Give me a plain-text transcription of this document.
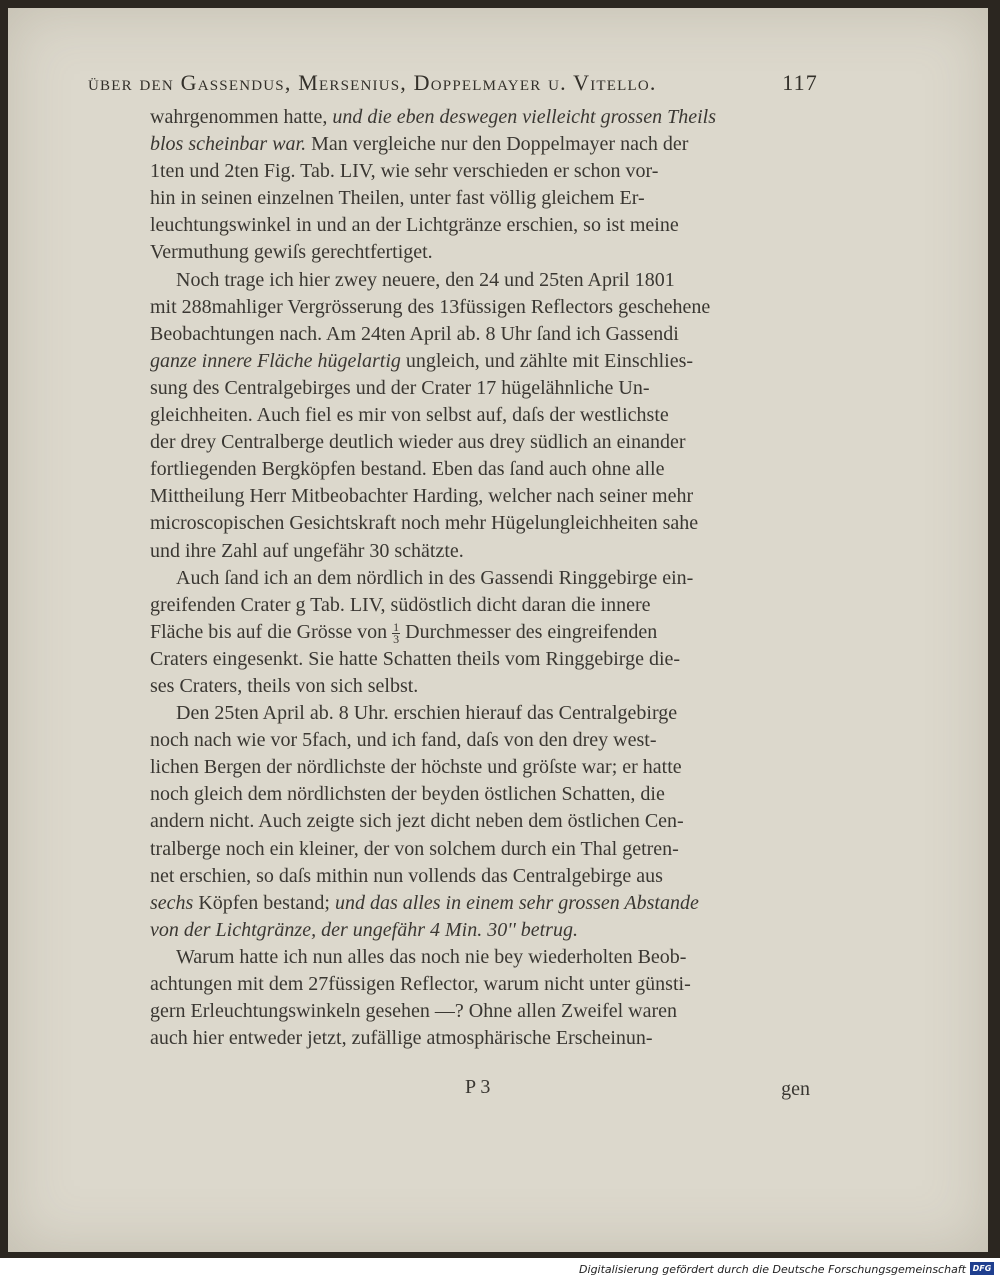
über den Gassendus, Mersenius, Doppelmayer u. Vitello.	117

wahrgenommen hatte, und die eben deswegen vielleicht grossen Theils

blos scheinbar war. Man vergleiche nur den Doppelmayer nach der

1ten und 2ten Fig. Tab. LIV, wie sehr verschieden er schon vor-

hin in seinen einzelnen Theilen, unter fast völlig gleichem Er-

leuchtungswinkel in und an der Lichtgränze erschien, so ist meine

Vermuthung gewiſs gerechtfertiget.

Noch trage ich hier zwey neuere, den 24 und 25ten April 1801

mit 288mahliger Vergrösserung des 13füssigen Reflectors geschehene

Beobachtungen nach. Am 24ten April ab. 8 Uhr ſand ich Gassendi

ganze innere Fläche hügelartig ungleich, und zählte mit Einschlies-

sung des Centralgebirges und der Crater 17 hügelähnliche Un-

gleichheiten. Auch fiel es mir von selbst auf, daſs der westlichste

der drey Centralberge deutlich wieder aus drey südlich an einander

fortliegenden Bergköpfen bestand. Eben das ſand auch ohne alle

Mittheilung Herr Mitbeobachter Harding, welcher nach seiner mehr

microscopischen Gesichtskraft noch mehr Hügelungleichheiten sahe

und ihre Zahl auf ungefähr 30 schätzte.

Auch ſand ich an dem nördlich in des Gassendi Ringgebirge ein-

greifenden Crater g Tab. LIV, südöstlich dicht daran die innere

Fläche bis auf die Grösse von $\frac{1}{3}$ Durchmesser des eingreifenden

Craters eingesenkt. Sie hatte Schatten theils vom Ringgebirge die-

ses Craters, theils von sich selbst.

Den 25ten April ab. 8 Uhr. erschien hierauf das Centralgebirge

noch nach wie vor 5fach, und ich fand, daſs von den drey west-

lichen Bergen der nördlichste der höchste und gröſste war; er hatte

noch gleich dem nördlichsten der beyden östlichen Schatten, die

andern nicht. Auch zeigte sich jezt dicht neben dem östlichen Cen-

tralberge noch ein kleiner, der von solchem durch ein Thal getren-

net erschien, so daſs mithin nun vollends das Centralgebirge aus

sechs Köpfen bestand; und das alles in einem sehr grossen Abstande

von der Lichtgränze, der ungefähr 4 Min. 30'' betrug.

Warum hatte ich nun alles das noch nie bey wiederholten Beob-

achtungen mit dem 27füssigen Reflector, warum nicht unter günsti-

gern Erleuchtungswinkeln gesehen —? Ohne allen Zweifel waren

auch hier entweder jetzt, zufällige atmosphärische Erscheinun-

P 3	gen
Digitalisierung gefördert durch die Deutsche Forschungsgemeinschaft DFG
